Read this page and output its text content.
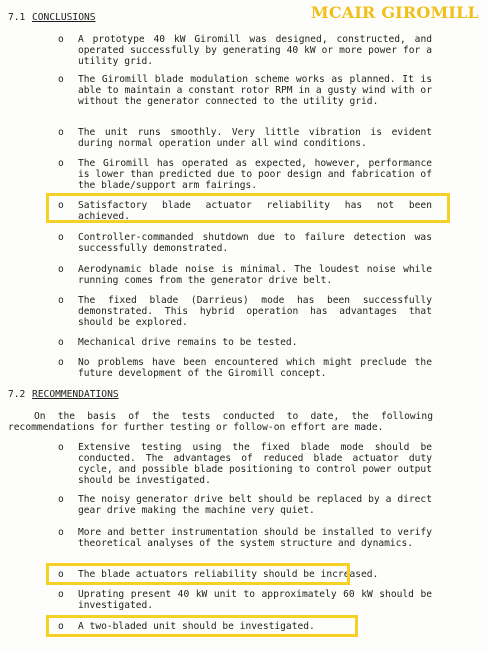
MCAIR GIROMILL
7.1 CONCLUSIONS
o A prototype 40 kW Giromill was designed, constructed, and operated successfully by generating 40 kW or more power for a utility grid.
o The Giromill blade modulation scheme works as planned. It is able to maintain a constant rotor RPM in a gusty wind with or without the generator connected to the utility grid.
o The unit runs smoothly. Very little vibration is evident during normal operation under all wind conditions.
o The Giromill has operated as expected, however, performance is lower than predicted due to poor design and fabrication of the blade/support arm fairings.
o Satisfactory blade actuator reliability has not been achieved.
o Controller-commanded shutdown due to failure detection was successfully demonstrated.
o Aerodynamic blade noise is minimal. The loudest noise while running comes from the generator drive belt.
o The fixed blade (Darrieus) mode has been successfully demonstrated. This hybrid operation has advantages that should be explored.
o Mechanical drive remains to be tested.
o No problems have been encountered which might preclude the future development of the Giromill concept.
7.2 RECOMMENDATIONS
On the basis of the tests conducted to date, the following recommendations for further testing or follow-on effort are made.
o Extensive testing using the fixed blade mode should be conducted. The advantages of reduced blade actuator duty cycle, and possible blade positioning to control power output should be investigated.
o The noisy generator drive belt should be replaced by a direct gear drive making the machine very quiet.
o More and better instrumentation should be installed to verify theoretical analyses of the system structure and dynamics.
o The blade actuators reliability should be increased.
o Uprating present 40 kW unit to approximately 60 kW should be investigated.
o A two-bladed unit should be investigated.
